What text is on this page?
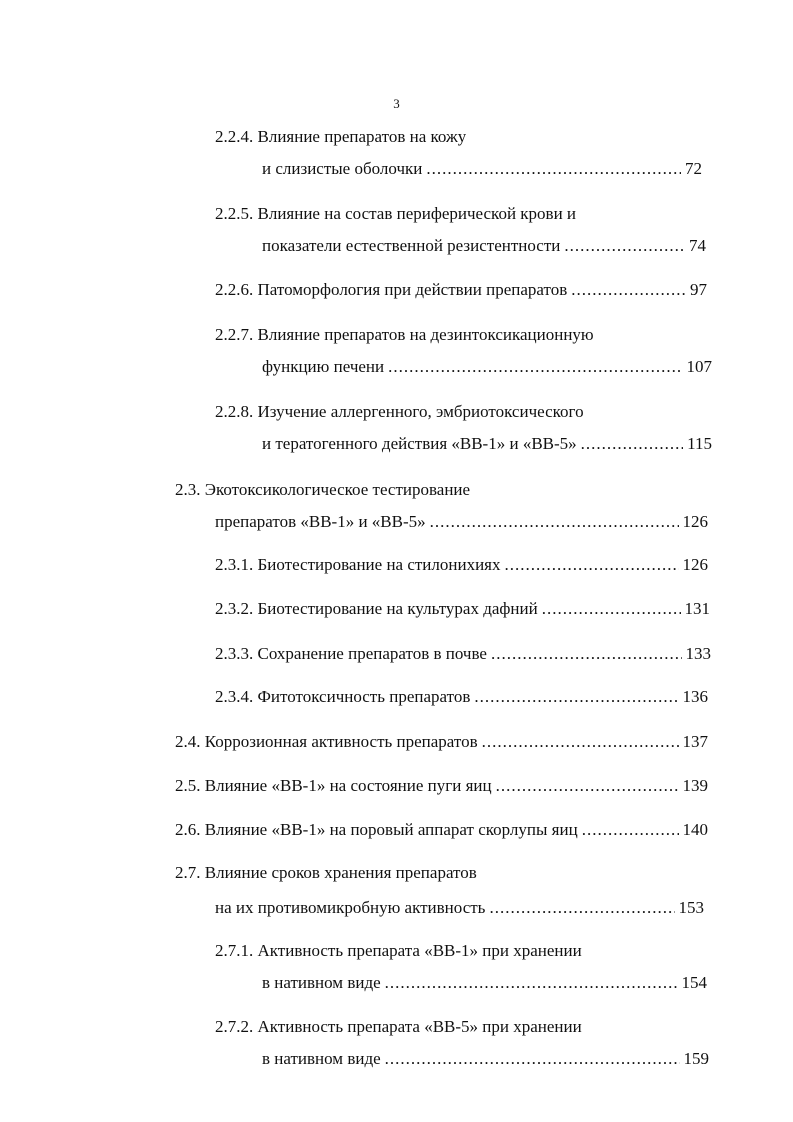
3
2.2.4. Влияние препаратов на кожу
и слизистые оболочки .....	72
2.2.5. Влияние на состав периферической крови и
показатели естественной резистентности .....	74
2.2.6. Патоморфология при действии препаратов .....	97
2.2.7. Влияние препаратов на дезинтоксикационную
функцию печени .....	107
2.2.8. Изучение аллергенного, эмбриотоксического
и тератогенного действия «ВВ-1» и «ВВ-5» .....	115
2.3. Экотоксикологическое тестирование
препаратов «ВВ-1» и «ВВ-5» .....	126
2.3.1. Биотестирование на стилонихиях .....	126
2.3.2. Биотестирование на культурах дафний .....	131
2.3.3. Сохранение препаратов в почве .....	133
2.3.4. Фитотоксичность препаратов .....	136
2.4. Коррозионная активность препаратов .....	137
2.5. Влияние «ВВ-1» на состояние пуги яиц .....	139
2.6. Влияние «ВВ-1» на поровый аппарат скорлупы яиц .....	140
2.7. Влияние сроков хранения препаратов
на их противомикробную активность .....	153
2.7.1. Активность препарата «ВВ-1» при хранении
в нативном виде .....	154
2.7.2. Активность препарата «ВВ-5» при хранении
в нативном виде .....	159
